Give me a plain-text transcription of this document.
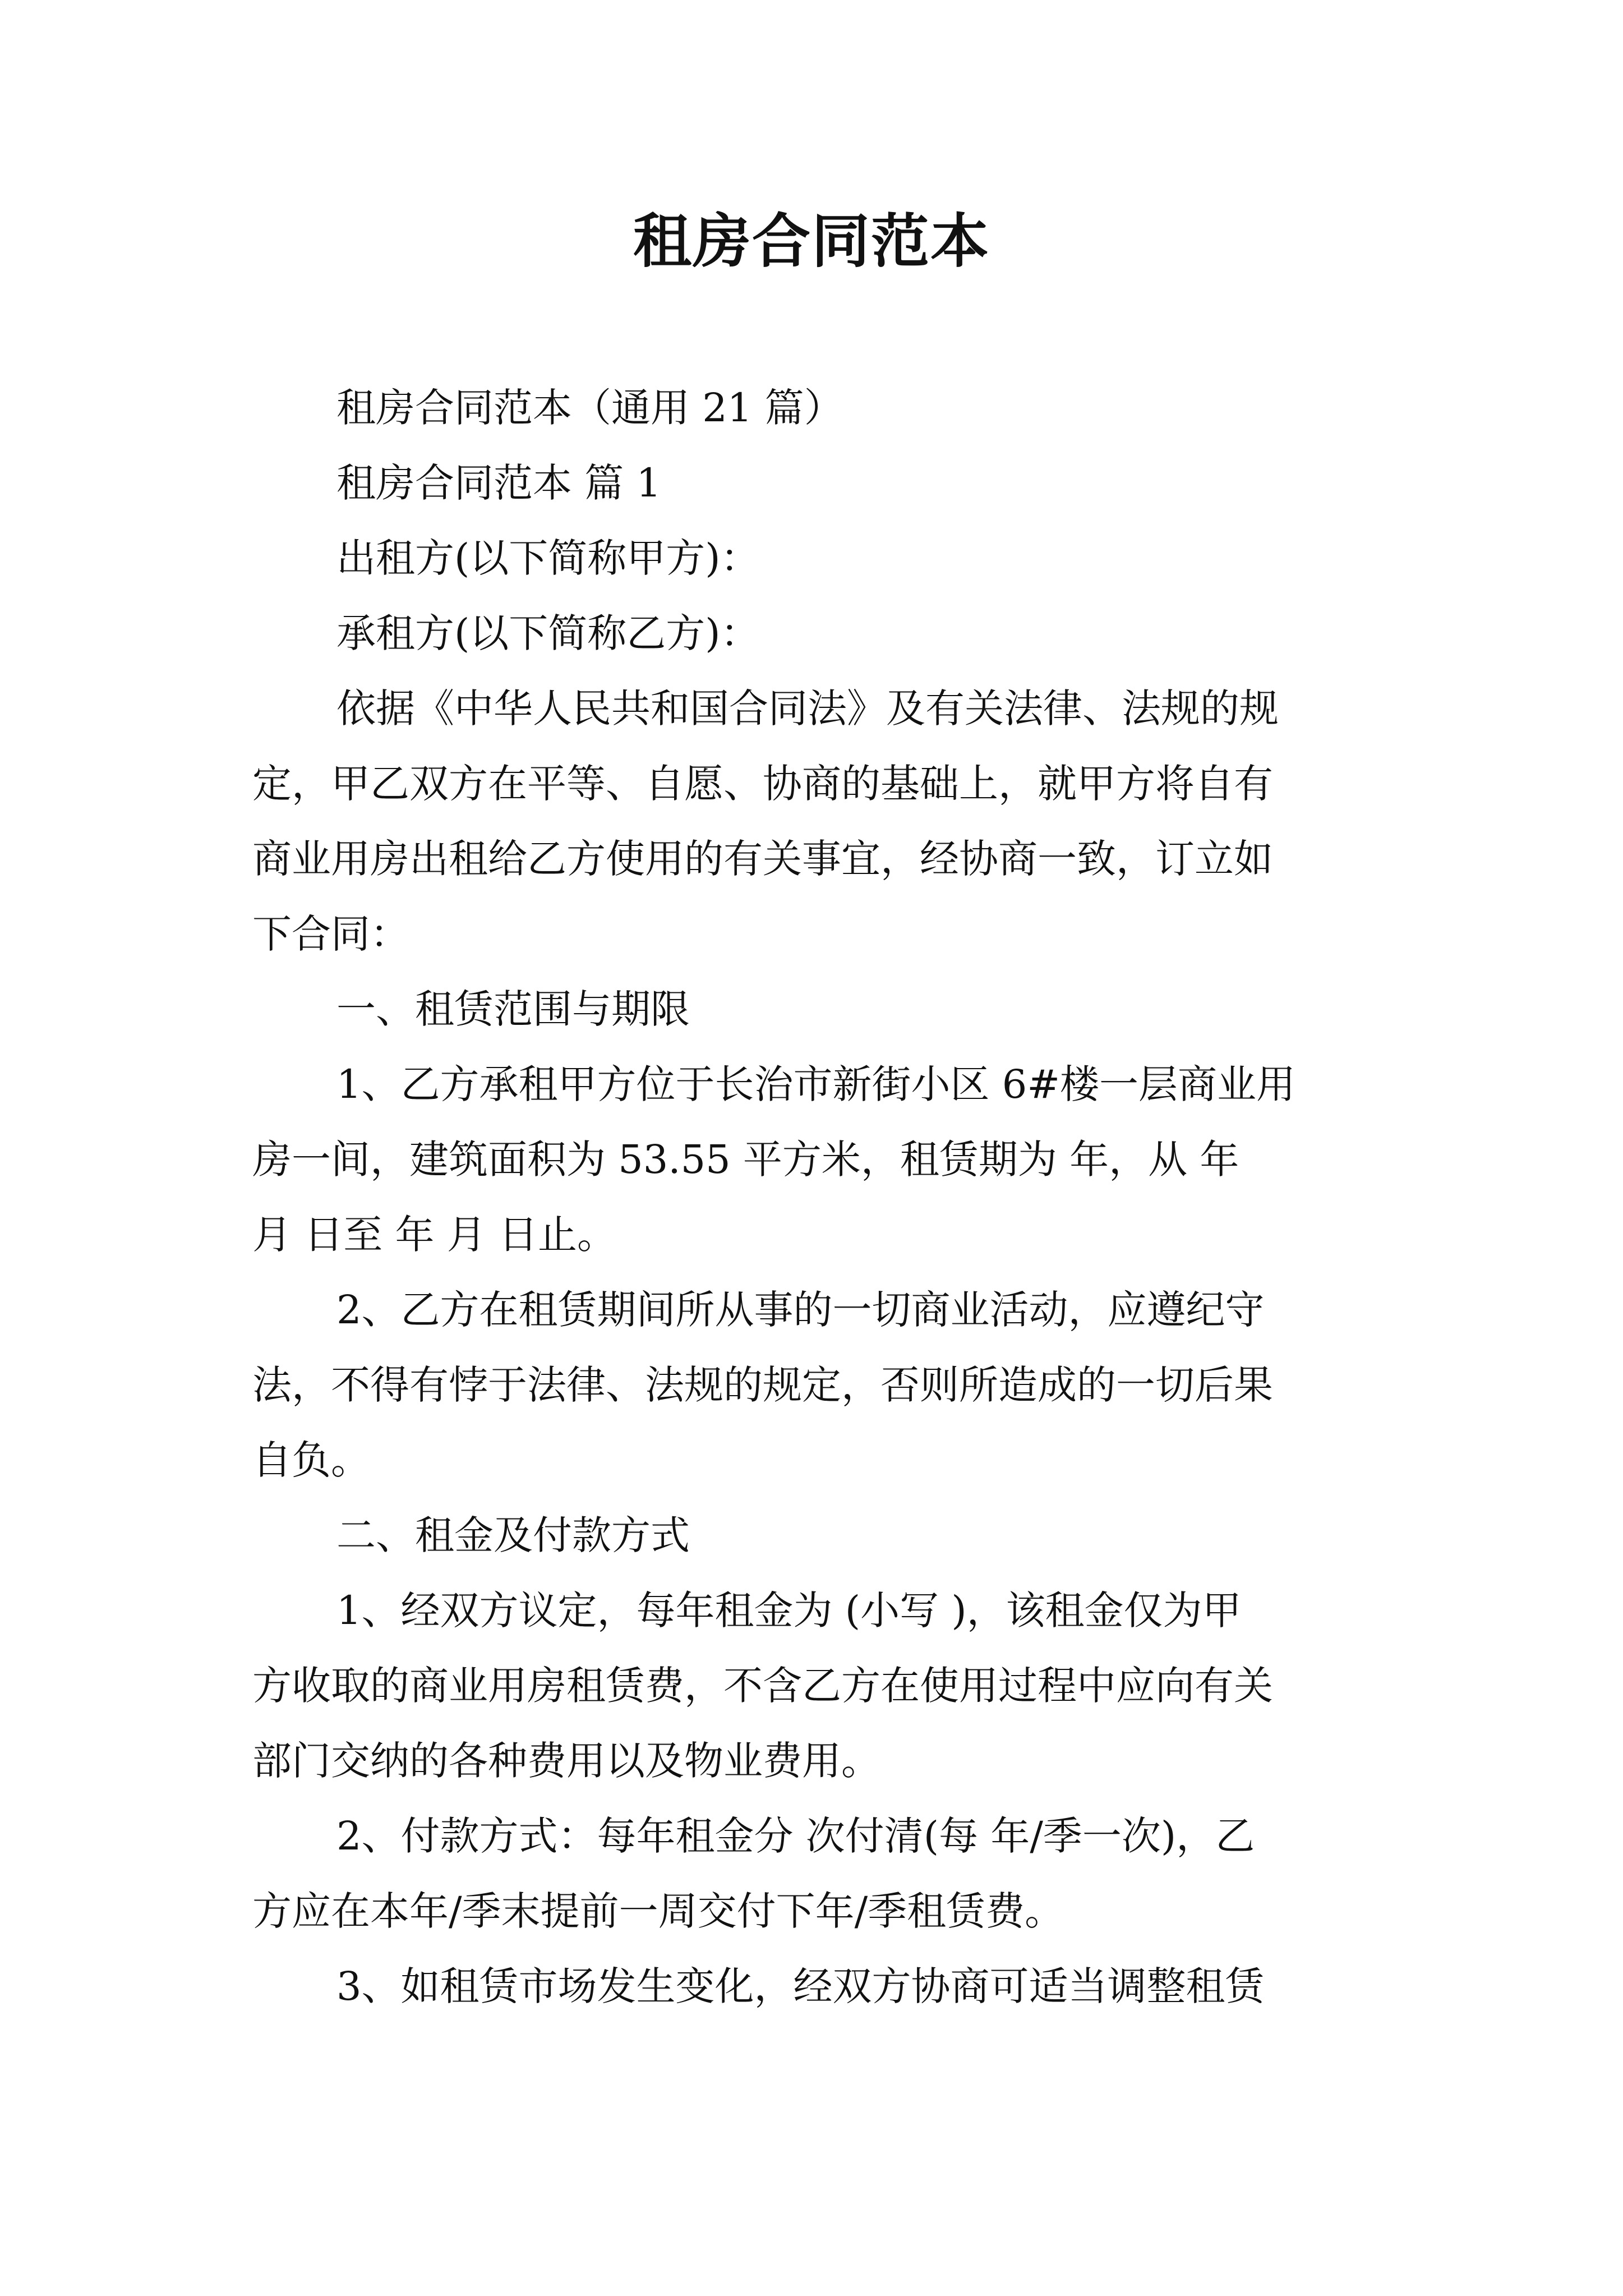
租房合同范本

租房合同范本（通用 21 篇）

租房合同范本 篇 1

出租方(以下简称甲方)：

承租方(以下简称乙方)：

依据《中华人民共和国合同法》及有关法律、法规的规

定，甲乙双方在平等、自愿、协商的基础上，就甲方将自有

商业用房出租给乙方使用的有关事宜，经协商一致，订立如

下合同：

一、租赁范围与期限

1、乙方承租甲方位于长治市新街小区 6#楼一层商业用

房一间，建筑面积为 53.55 平方米，租赁期为 年，从 年

月 日至 年 月 日止。

2、乙方在租赁期间所从事的一切商业活动，应遵纪守

法，不得有悖于法律、法规的规定，否则所造成的一切后果

自负。

二、租金及付款方式

1、经双方议定，每年租金为 (小写 )，该租金仅为甲

方收取的商业用房租赁费，不含乙方在使用过程中应向有关

部门交纳的各种费用以及物业费用。

2、付款方式：每年租金分 次付清(每 年/季一次)，乙

方应在本年/季末提前一周交付下年/季租赁费。

3、如租赁市场发生变化，经双方协商可适当调整租赁
